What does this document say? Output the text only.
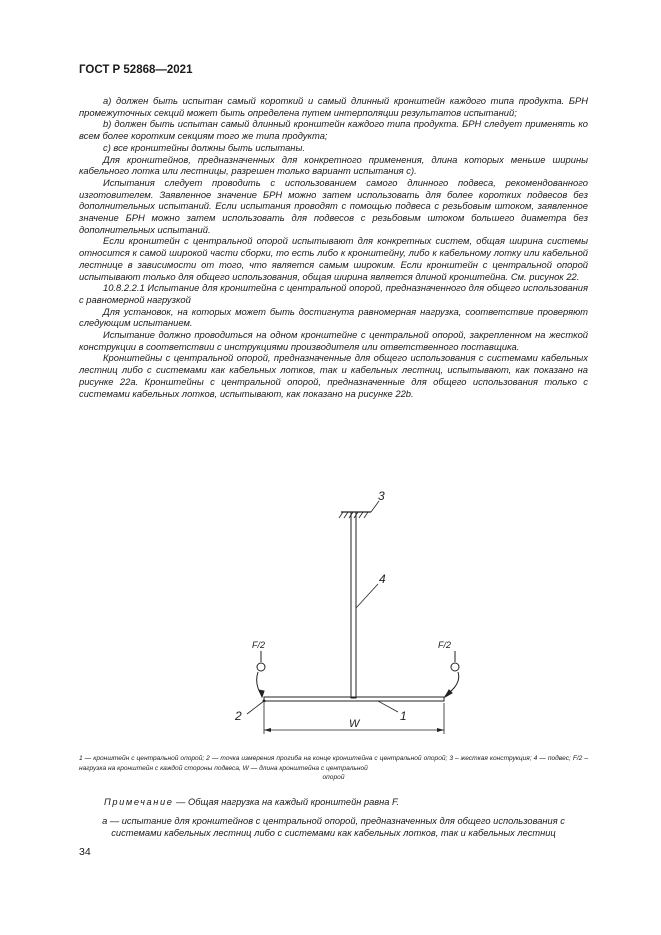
ГОСТ Р 52868—2021

а) должен быть испытан самый короткий и самый длинный кронштейн каждого типа продукта. БРН промежуточных секций может быть определена путем интерполяции результатов испытаний;

b) должен быть испытан самый длинный кронштейн каждого типа продукта. БРН следует применять ко всем более коротким секциям того же типа продукта;

с) все кронштейны должны быть испытаны.

Для кронштейнов, предназначенных для конкретного применения, длина которых меньше ширины кабельного лотка или лестницы, разрешен только вариант испытания с).

Испытания следует проводить с использованием самого длинного подвеса, рекомендованного изготовителем. Заявленное значение БРН можно затем использовать для более коротких подвесов без дополнительных испытаний. Если испытания проводят с помощью подвеса с резьбовым штоком, заявленное значение БРН можно затем использовать для подвесов с резьбовым штоком большего диаметра без дополнительных испытаний.

Если кронштейн с центральной опорой испытывают для конкретных систем, общая ширина системы относится к самой широкой части сборки, то есть либо к кронштейну, либо к кабельному лотку или кабельной лестнице в зависимости от того, что является самым широким. Если кронштейн с центральной опорой испытывают только для общего использования, общая ширина является длиной кронштейна. См. рисунок 22.

10.8.2.2.1 Испытание для кронштейна с центральной опорой, предназначенного для общего использования с равномерной нагрузкой

Для установок, на которых может быть достигнута равномерная нагрузка, соответствие проверяют следующим испытанием.

Испытание должно проводиться на одном кронштейне с центральной опорой, закрепленном на жесткой конструкции в соответствии с инструкциями производителя или ответственного поставщика.

Кронштейны с центральной опорой, предназначенные для общего использования с системами кабельных лестниц либо с системами как кабельных лотков, так и кабельных лестниц, испытывают, как показано на рисунке 22а. Кронштейны с центральной опорой, предназначенные для общего использования только с системами кабельных лотков, испытывают, как показано на рисунке 22b.

3
4
F/2	F/2
2	1
W
1 — кронштейн с центральной опорой; 2 — точка измерения прогиба на конце кронштейна с центральной опорой; 3 – жесткая конструкция; 4 — подвес; F/2 – нагрузка на кронштейн с каждой стороны подвеса, W — длина кронштейна с центральной
опорой
Примечание — Общая нагрузка на каждый кронштейн равна F.
а — испытание для кронштейнов с центральной опорой, предназначенных для общего использования с системами кабельных лестниц либо с системами как кабельных лотков, так и кабельных лестниц
34
